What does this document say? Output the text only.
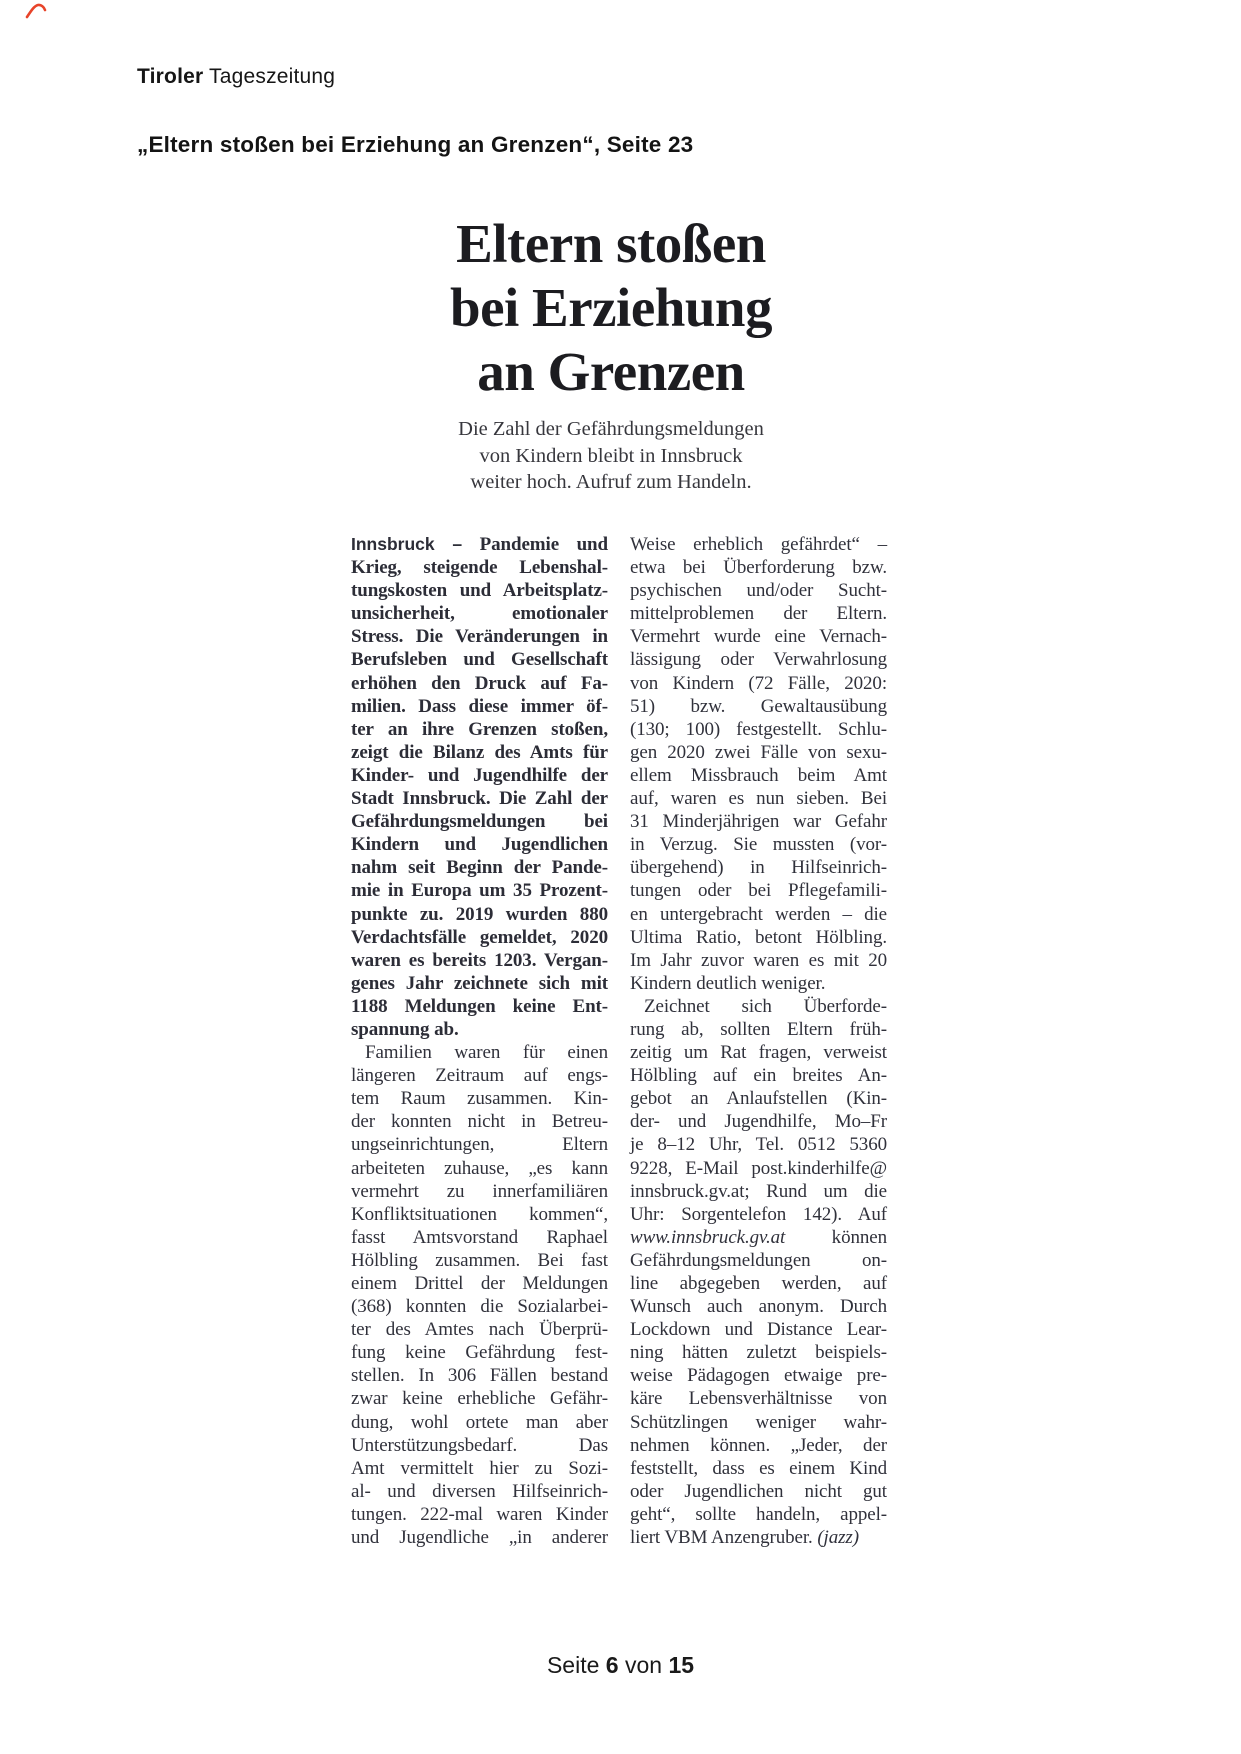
Tiroler Tageszeitung
„Eltern stoßen bei Erziehung an Grenzen“, Seite 23
Eltern stoßen
bei Erziehung
an Grenzen
Die Zahl der Gefährdungsmeldungen
von Kindern bleibt in Innsbruck
weiter hoch. Aufruf zum Handeln.
Innsbruck – Pandemie und
Krieg, steigende Lebenshal-
tungskosten und Arbeitsplatz-
unsicherheit, emotionaler
Stress. Die Veränderungen in
Berufsleben und Gesellschaft
erhöhen den Druck auf Fa-
milien. Dass diese immer öf-
ter an ihre Grenzen stoßen,
zeigt die Bilanz des Amts für
Kinder- und Jugendhilfe der
Stadt Innsbruck. Die Zahl der
Gefährdungsmeldungen bei
Kindern und Jugendlichen
nahm seit Beginn der Pande-
mie in Europa um 35 Prozent-
punkte zu. 2019 wurden 880
Verdachtsfälle gemeldet, 2020
waren es bereits 1203. Vergan-
genes Jahr zeichnete sich mit
1188 Meldungen keine Ent-
spannung ab.
Familien waren für einen
längeren Zeitraum auf engs-
tem Raum zusammen. Kin-
der konnten nicht in Betreu-
ungseinrichtungen, Eltern
arbeiteten zuhause, „es kann
vermehrt zu innerfamiliären
Konfliktsituationen kommen“,
fasst Amtsvorstand Raphael
Hölbling zusammen. Bei fast
einem Drittel der Meldungen
(368) konnten die Sozialarbei-
ter des Amtes nach Überprü-
fung keine Gefährdung fest-
stellen. In 306 Fällen bestand
zwar keine erhebliche Gefähr-
dung, wohl ortete man aber
Unterstützungsbedarf. Das
Amt vermittelt hier zu Sozi-
al- und diversen Hilfseinrich-
tungen. 222-mal waren Kinder
und Jugendliche „in anderer
Weise erheblich gefährdet“ –
etwa bei Überforderung bzw.
psychischen und/oder Sucht-
mittelproblemen der Eltern.
Vermehrt wurde eine Vernach-
lässigung oder Verwahrlosung
von Kindern (72 Fälle, 2020:
51) bzw. Gewaltausübung
(130; 100) festgestellt. Schlu-
gen 2020 zwei Fälle von sexu-
ellem Missbrauch beim Amt
auf, waren es nun sieben. Bei
31 Minderjährigen war Gefahr
in Verzug. Sie mussten (vor-
übergehend) in Hilfseinrich-
tungen oder bei Pflegefamili-
en untergebracht werden – die
Ultima Ratio, betont Hölbling.
Im Jahr zuvor waren es mit 20
Kindern deutlich weniger.
Zeichnet sich Überforde-
rung ab, sollten Eltern früh-
zeitig um Rat fragen, verweist
Hölbling auf ein breites An-
gebot an Anlaufstellen (Kin-
der- und Jugendhilfe, Mo–Fr
je 8–12 Uhr, Tel. 0512 5360
9228, E-Mail post.kinderhilfe@
innsbruck.gv.at; Rund um die
Uhr: Sorgentelefon 142). Auf
www.innsbruck.gv.at können
Gefährdungsmeldungen on-
line abgegeben werden, auf
Wunsch auch anonym. Durch
Lockdown und Distance Lear-
ning hätten zuletzt beispiels-
weise Pädagogen etwaige pre-
käre Lebensverhältnisse von
Schützlingen weniger wahr-
nehmen können. „Jeder, der
feststellt, dass es einem Kind
oder Jugendlichen nicht gut
geht“, sollte handeln, appel-
liert VBM Anzengruber. (jazz)
Seite 6 von 15
